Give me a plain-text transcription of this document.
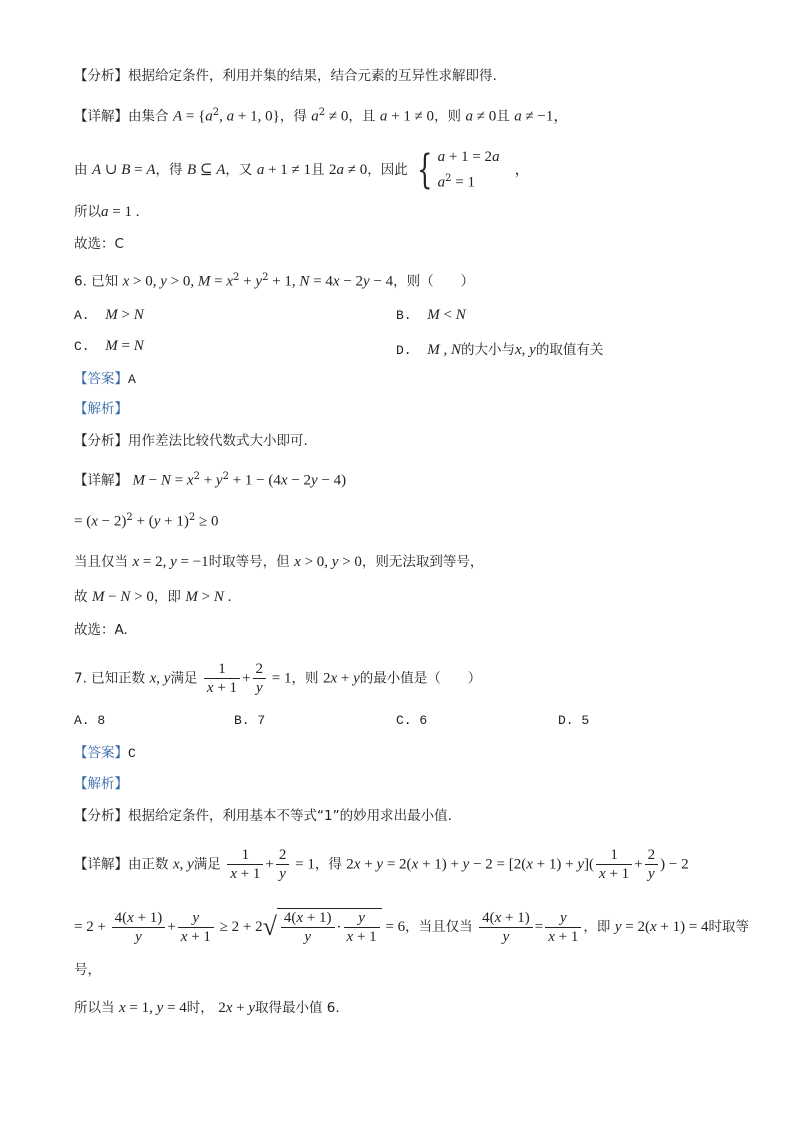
【分析】根据给定条件，利用并集的结果，结合元素的互异性求解即得.
【详解】由集合 $A = \{a^2$, a + 1, 0}，得 $a^2 \ne 0$，且 a + 1 ≠ 0，则 a ≠ 0且 a ≠ −1，
由 A ∪ B = A，得 B ⊆ A，又 a + 1 ≠ 1且 2a ≠ 0，因此 { a + 1 = 2a
$a^2 = 1$
　，
所以a = 1 .
故选：C
6. 已知 x > 0, y > 0, $M = x^2 + y^2 + 1$, N = 4x − 2y − 4，则（　　）
A. M > N	B. M < N
C. M = N	D. M , N的大小与x, y的取值有关
【答案】A
【解析】
【分析】用作差法比较代数式大小即可.
【详解】 $M - N = x^2 + y^2 + 1 - (4x - 2y - 4)$
= $(x - 2)^2 + (y + 1)^2 \ge 0$
当且仅当 x = 2, y = −1时取等号，但 x > 0, y > 0，则无法取到等号，
故 M − N > 0，即 M > N .
故选：A.
7. 已知正数 x, y满足 $\frac{1}{x + 1} + \frac{2}{y} = 1$，则 2x + y的最小值是（　　）
A. 8	B. 7	C. 6	D. 5
【答案】C
【解析】
【分析】根据给定条件，利用基本不等式“1”的妙用求出最小值.
【详解】由正数 x, y满足 $\frac{1}{x + 1} + \frac{2}{y} = 1$，得 $2x + y = 2(x + 1) + y - 2 = [2(x + 1) + y]( \frac{1}{x + 1} + \frac{2}{y}$ ) − 2
= $2 + \frac{4(x + 1)}{y} + \frac{y}{x + 1} \ge 2 + 2√ \frac{4(x + 1)}{y} \cdot \frac{y}{x + 1} = 6$，当且仅当 $\frac{4(x + 1)}{y} = \frac{y}{x + 1}$ ，即 y = 2(x + 1) = 4时取等
号，
所以当 x = 1, y = 4时， 2x + y取得最小值 6.
